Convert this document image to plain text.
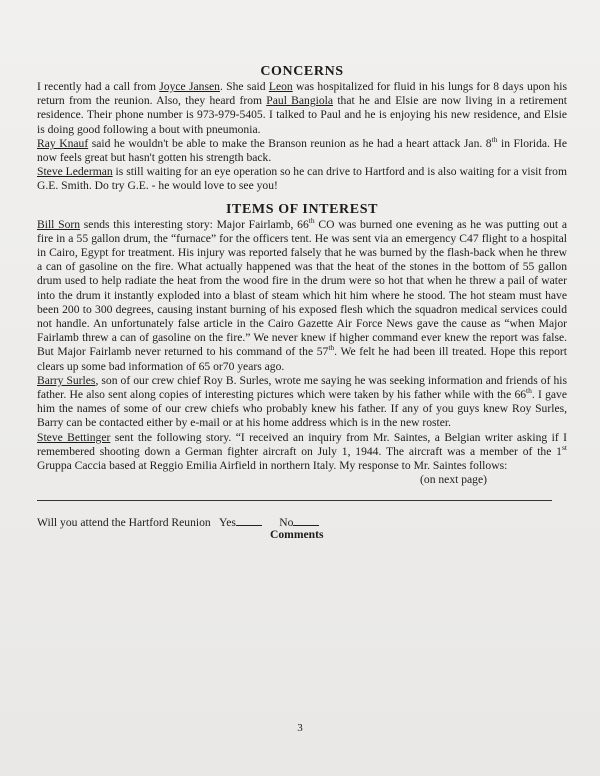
CONCERNS

I recently had a call from Joyce Jansen. She said Leon was hospitalized for fluid in his lungs for 8 days upon his return from the reunion. Also, they heard from Paul Bangiola that he and Elsie are now living in a retirement residence. Their phone number is 973-979-5405. I talked to Paul and he is enjoying his new residence, and Elsie is doing good following a bout with pneumonia.

Ray Knauf said he wouldn't be able to make the Branson reunion as he had a heart attack Jan. 8th in Florida. He now feels great but hasn't gotten his strength back.

Steve Lederman is still waiting for an eye operation so he can drive to Hartford and is also waiting for a visit from G.E. Smith. Do try G.E. - he would love to see you!

ITEMS OF INTEREST

Bill Sorn sends this interesting story: Major Fairlamb, 66th CO was burned one evening as he was putting out a fire in a 55 gallon drum, the “furnace” for the officers tent. He was sent via an emergency C47 flight to a hospital in Cairo, Egypt for treatment. His injury was reported falsely that he was burned by the flash-back when he threw a can of gasoline on the fire. What actually happened was that the heat of the stones in the bottom of 55 gallon drum used to help radiate the heat from the wood fire in the drum were so hot that when he threw a pail of water into the drum it instantly exploded into a blast of steam which hit him where he stood. The hot steam must have been 200 to 300 degrees, causing instant burning of his exposed flesh which the squadron medical services could not handle. An unfortunately false article in the Cairo Gazette Air Force News gave the cause as “when Major Fairlamb threw a can of gasoline on the fire.” We never knew if higher command ever knew the report was false. But Major Fairlamb never returned to his command of the 57th. We felt he had been ill treated. Hope this report clears up some bad information of 65 or70 years ago.

Barry Surles, son of our crew chief Roy B. Surles, wrote me saying he was seeking information and friends of his father. He also sent along copies of interesting pictures which were taken by his father while with the 66th. I gave him the names of some of our crew chiefs who probably knew his father. If any of you guys knew Roy Surles, Barry can be contacted either by e-mail or at his home address which is in the new roster.

Steve Bettinger sent the following story. “I received an inquiry from Mr. Saintes, a Belgian writer asking if I remembered shooting down a German fighter aircraft on July 1, 1944. The aircraft was a member of the 1st Gruppa Caccia based at Reggio Emilia Airfield in northern Italy. My response to Mr. Saintes follows:

(on next page)

Will you attend the Hartford Reunion Yes	No
Comments
3
